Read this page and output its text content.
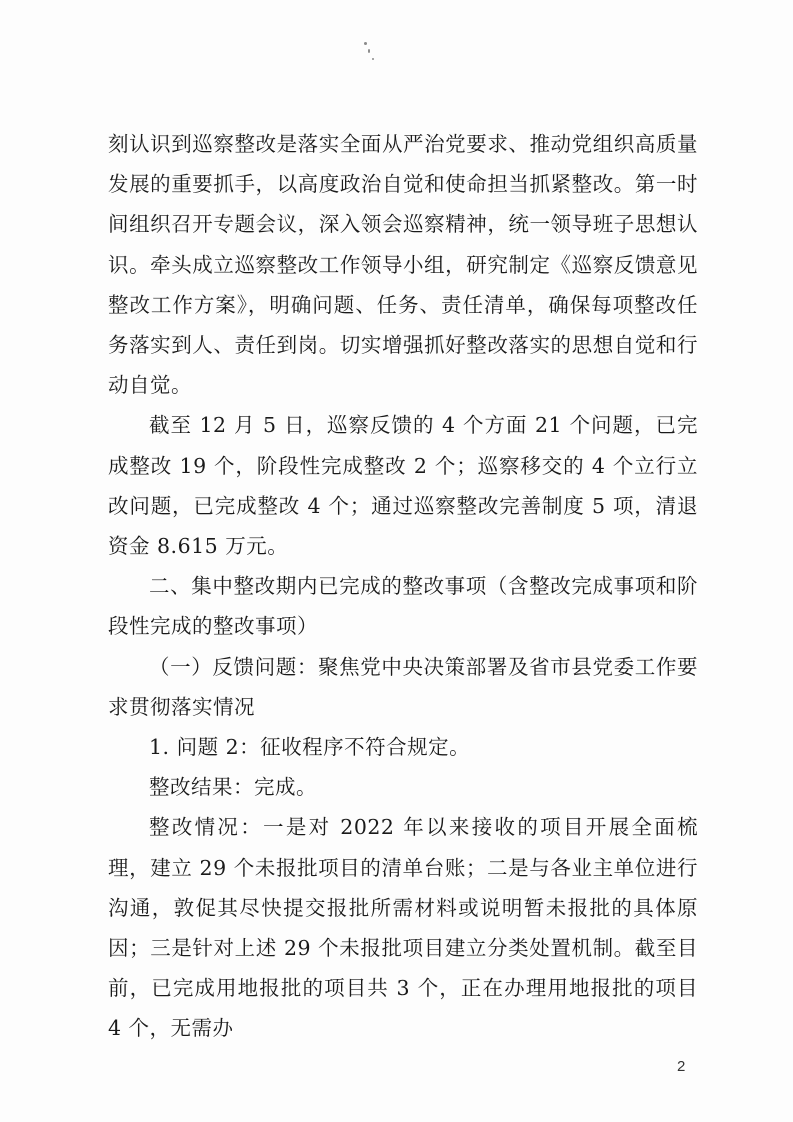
刻认识到巡察整改是落实全面从严治党要求、推动党组织高质量发展的重要抓手，以高度政治自觉和使命担当抓紧整改。第一时间组织召开专题会议，深入领会巡察精神，统一领导班子思想认识。牵头成立巡察整改工作领导小组，研究制定《巡察反馈意见整改工作方案》，明确问题、任务、责任清单，确保每项整改任务落实到人、责任到岗。切实增强抓好整改落实的思想自觉和行动自觉。

截至 12 月 5 日，巡察反馈的 4 个方面 21 个问题，已完成整改 19 个，阶段性完成整改 2 个；巡察移交的 4 个立行立改问题，已完成整改 4 个；通过巡察整改完善制度 5 项，清退资金 8.615 万元。

二、集中整改期内已完成的整改事项（含整改完成事项和阶段性完成的整改事项）

（一）反馈问题：聚焦党中央决策部署及省市县党委工作要求贯彻落实情况

1. 问题 2：征收程序不符合规定。

整改结果：完成。

整改情况：一是对 2022 年以来接收的项目开展全面梳理，建立 29 个未报批项目的清单台账；二是与各业主单位进行沟通，敦促其尽快提交报批所需材料或说明暂未报批的具体原因；三是针对上述 29 个未报批项目建立分类处置机制。截至目前，已完成用地报批的项目共 3 个，正在办理用地报批的项目 4 个，无需办

2
